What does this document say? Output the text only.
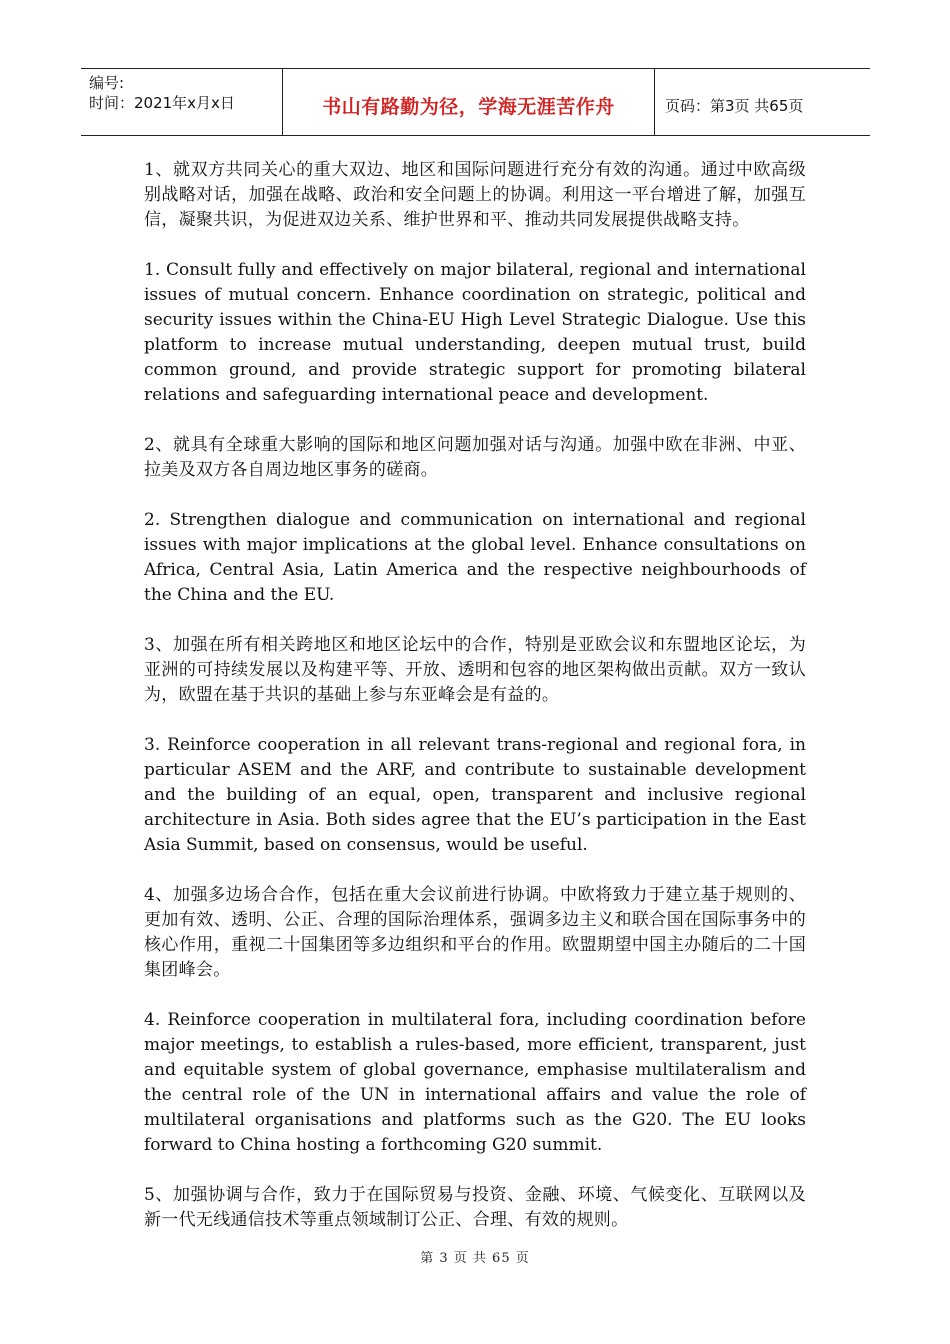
编号:
时间：2021年x月x日	书山有路勤为径，学海无涯苦作舟	页码：第3页 共65页

1、就双方共同关心的重大双边、地区和国际问题进行充分有效的沟通。通过中欧高级别战略对话，加强在战略、政治和安全问题上的协调。利用这一平台增进了解，加强互信，凝聚共识，为促进双边关系、维护世界和平、推动共同发展提供战略支持。

1. Consult fully and effectively on major bilateral, regional and international issues of mutual concern. Enhance coordination on strategic, political and security issues within the China-EU High Level Strategic Dialogue. Use this platform to increase mutual understanding, deepen mutual trust, build common ground, and provide strategic support for promoting bilateral relations and safeguarding international peace and development.

2、就具有全球重大影响的国际和地区问题加强对话与沟通。加强中欧在非洲、中亚、拉美及双方各自周边地区事务的磋商。

2. Strengthen dialogue and communication on international and regional issues with major implications at the global level. Enhance consultations on Africa, Central Asia, Latin America and the respective neighbourhoods of the China and the EU.

3、加强在所有相关跨地区和地区论坛中的合作，特别是亚欧会议和东盟地区论坛，为亚洲的可持续发展以及构建平等、开放、透明和包容的地区架构做出贡献。双方一致认为，欧盟在基于共识的基础上参与东亚峰会是有益的。

3. Reinforce cooperation in all relevant trans-regional and regional fora, in particular ASEM and the ARF, and contribute to sustainable development and the building of an equal, open, transparent and inclusive regional architecture in Asia. Both sides agree that the EU’s participation in the East Asia Summit, based on consensus, would be useful.

4、加强多边场合合作，包括在重大会议前进行协调。中欧将致力于建立基于规则的、更加有效、透明、公正、合理的国际治理体系，强调多边主义和联合国在国际事务中的核心作用，重视二十国集团等多边组织和平台的作用。欧盟期望中国主办随后的二十国集团峰会。

4. Reinforce cooperation in multilateral fora, including coordination before major meetings, to establish a rules-based, more efficient, transparent, just and equitable system of global governance, emphasise multilateralism and the central role of the UN in international affairs and value the role of multilateral organisations and platforms such as the G20. The EU looks forward to China hosting a forthcoming G20 summit.

5、加强协调与合作，致力于在国际贸易与投资、金融、环境、气候变化、互联网以及新一代无线通信技术等重点领域制订公正、合理、有效的规则。

第 3 页 共 65 页
